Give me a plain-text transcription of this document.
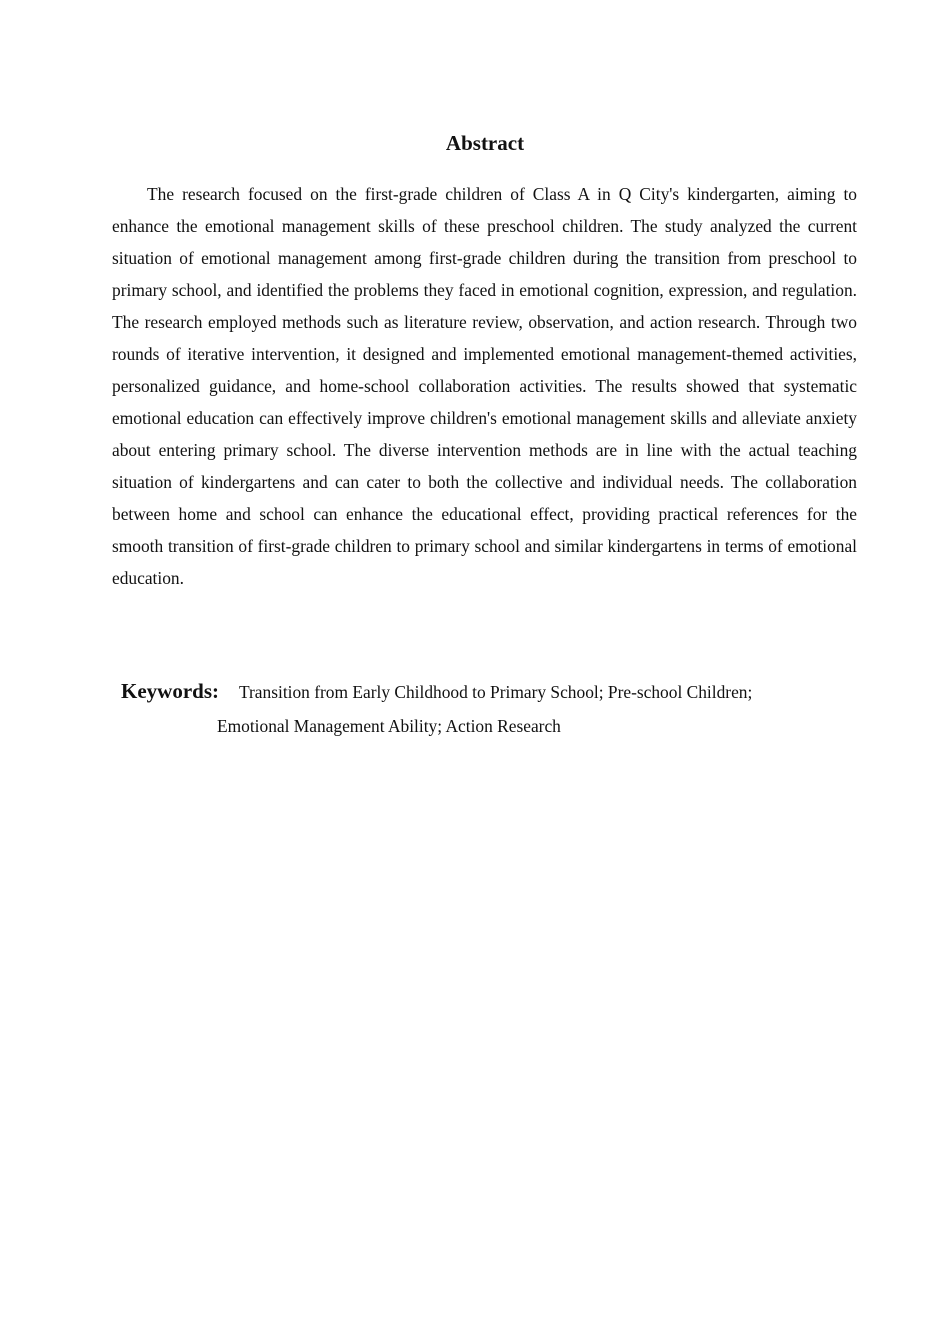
Abstract

The research focused on the first-grade children of Class A in Q City's kindergarten, aiming to enhance the emotional management skills of these preschool children. The study analyzed the current situation of emotional management among first-grade children during the transition from preschool to primary school, and identified the problems they faced in emotional cognition, expression, and regulation. The research employed methods such as literature review, observation, and action research. Through two rounds of iterative intervention, it designed and implemented emotional management-themed activities, personalized guidance, and home-school collaboration activities. The results showed that systematic emotional education can effectively improve children's emotional management skills and alleviate anxiety about entering primary school. The diverse intervention methods are in line with the actual teaching situation of kindergartens and can cater to both the collective and individual needs. The collaboration between home and school can enhance the educational effect, providing practical references for the smooth transition of first-grade children to primary school and similar kindergartens in terms of emotional education.

Keywords: Transition from Early Childhood to Primary School; Pre-school Children;
Emotional Management Ability; Action Research
